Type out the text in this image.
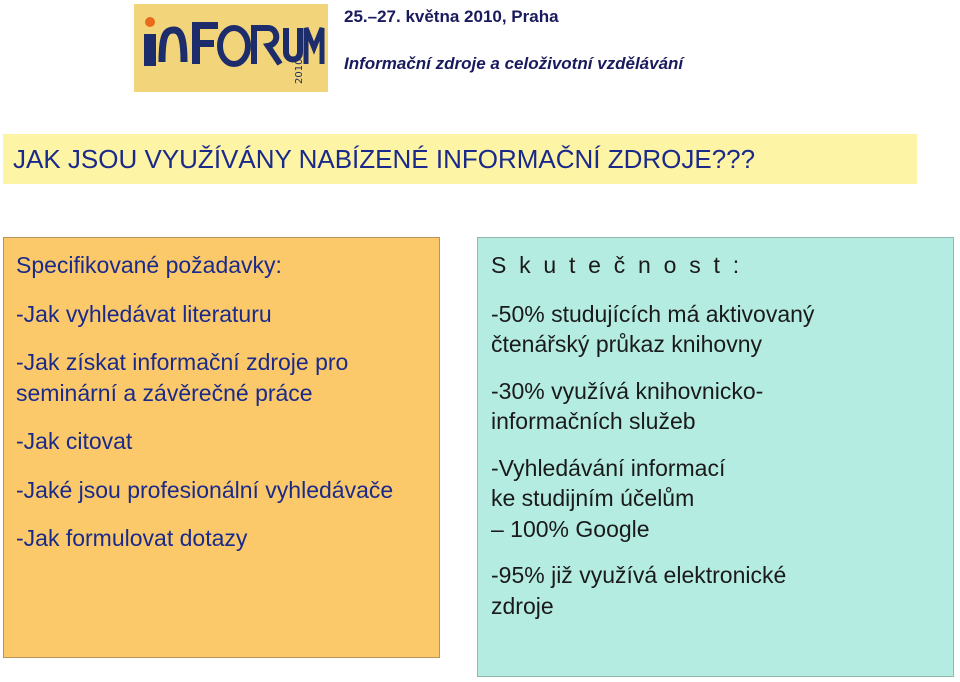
2010
25.–27. května 2010, Praha
Informační zdroje a celoživotní vzdělávání
JAK JSOU VYUŽÍVÁNY NABÍZENÉ INFORMAČNÍ ZDROJE???

Specifikované požadavky:

-Jak vyhledávat literaturu

-Jak získat informační zdroje pro seminární a závěrečné práce

-Jak citovat

-Jaké jsou profesionální vyhledávače

-Jak formulovat dotazy

S k u t e č n o s t :

-50% studujících má aktivovaný
čtenářský průkaz knihovny

-30% využívá knihovnicko-
informačních služeb

-Vyhledávání informací
ke studijním účelům
– 100% Google

-95% již využívá elektronické
zdroje
